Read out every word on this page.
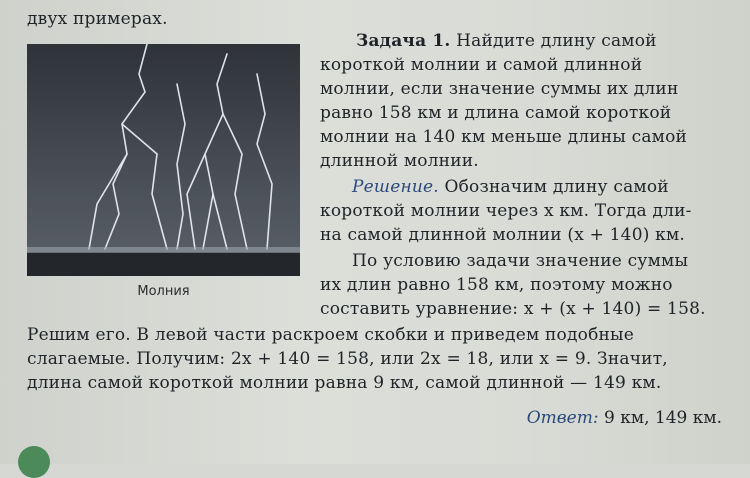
двух примерах.
Молния
Задача 1. Найдите длину самой
короткой молнии и самой длинной
молнии, если значение суммы их длин
равно 158 км и длина самой короткой
молнии на 140 км меньше длины самой
длинной молнии.
Решение. Обозначим длину самой
короткой молнии через x км. Тогда дли-
на самой длинной молнии (x + 140) км.
По условию задачи значение суммы
их длин равно 158 км, поэтому можно
составить уравнение: x + (x + 140) = 158.
Решим его. В левой части раскроем скобки и приведем подобные
слагаемые. Получим: 2x + 140 = 158, или 2x = 18, или x = 9. Значит,
длина самой короткой молнии равна 9 км, самой длинной — 149 км.
Ответ: 9 км, 149 км.
